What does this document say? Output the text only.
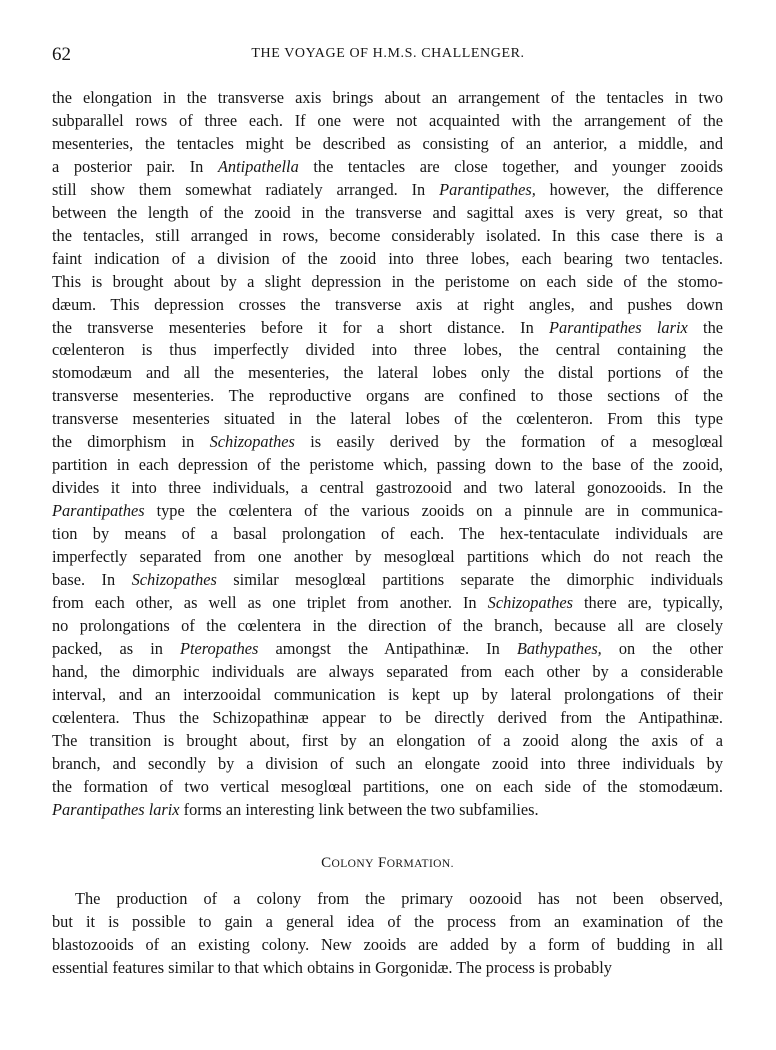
62	THE VOYAGE OF H.M.S. CHALLENGER.
the elongation in the transverse axis brings about an arrangement of the tentacles in two
subparallel rows of three each. If one were not acquainted with the arrangement of the
mesenteries, the tentacles might be described as consisting of an anterior, a middle, and
a posterior pair. In Antipathella the tentacles are close together, and younger zooids
still show them somewhat radiately arranged. In Parantipathes, however, the difference
between the length of the zooid in the transverse and sagittal axes is very great, so that
the tentacles, still arranged in rows, become considerably isolated. In this case there is a
faint indication of a division of the zooid into three lobes, each bearing two tentacles.
This is brought about by a slight depression in the peristome on each side of the stomo-
dæum. This depression crosses the transverse axis at right angles, and pushes down
the transverse mesenteries before it for a short distance. In Parantipathes larix the
cœlenteron is thus imperfectly divided into three lobes, the central containing the
stomodæum and all the mesenteries, the lateral lobes only the distal portions of the
transverse mesenteries. The reproductive organs are confined to those sections of the
transverse mesenteries situated in the lateral lobes of the cœlenteron. From this type
the dimorphism in Schizopathes is easily derived by the formation of a mesoglœal
partition in each depression of the peristome which, passing down to the base of the zooid,
divides it into three individuals, a central gastrozooid and two lateral gonozooids. In the
Parantipathes type the cœlentera of the various zooids on a pinnule are in communica-
tion by means of a basal prolongation of each. The hex-tentaculate individuals are
imperfectly separated from one another by mesoglœal partitions which do not reach the
base. In Schizopathes similar mesoglœal partitions separate the dimorphic individuals
from each other, as well as one triplet from another. In Schizopathes there are, typically,
no prolongations of the cœlentera in the direction of the branch, because all are closely
packed, as in Pteropathes amongst the Antipathinæ. In Bathypathes, on the other
hand, the dimorphic individuals are always separated from each other by a considerable
interval, and an interzooidal communication is kept up by lateral prolongations of their
cœlentera. Thus the Schizopathinæ appear to be directly derived from the Antipathinæ.
The transition is brought about, first by an elongation of a zooid along the axis of a
branch, and secondly by a division of such an elongate zooid into three individuals by
the formation of two vertical mesoglœal partitions, one on each side of the stomodæum.
Parantipathes larix forms an interesting link between the two subfamilies.
COLONY FORMATION.
The production of a colony from the primary oozooid has not been observed,
but it is possible to gain a general idea of the process from an examination of the
blastozooids of an existing colony. New zooids are added by a form of budding in all
essential features similar to that which obtains in Gorgonidæ. The process is probably
